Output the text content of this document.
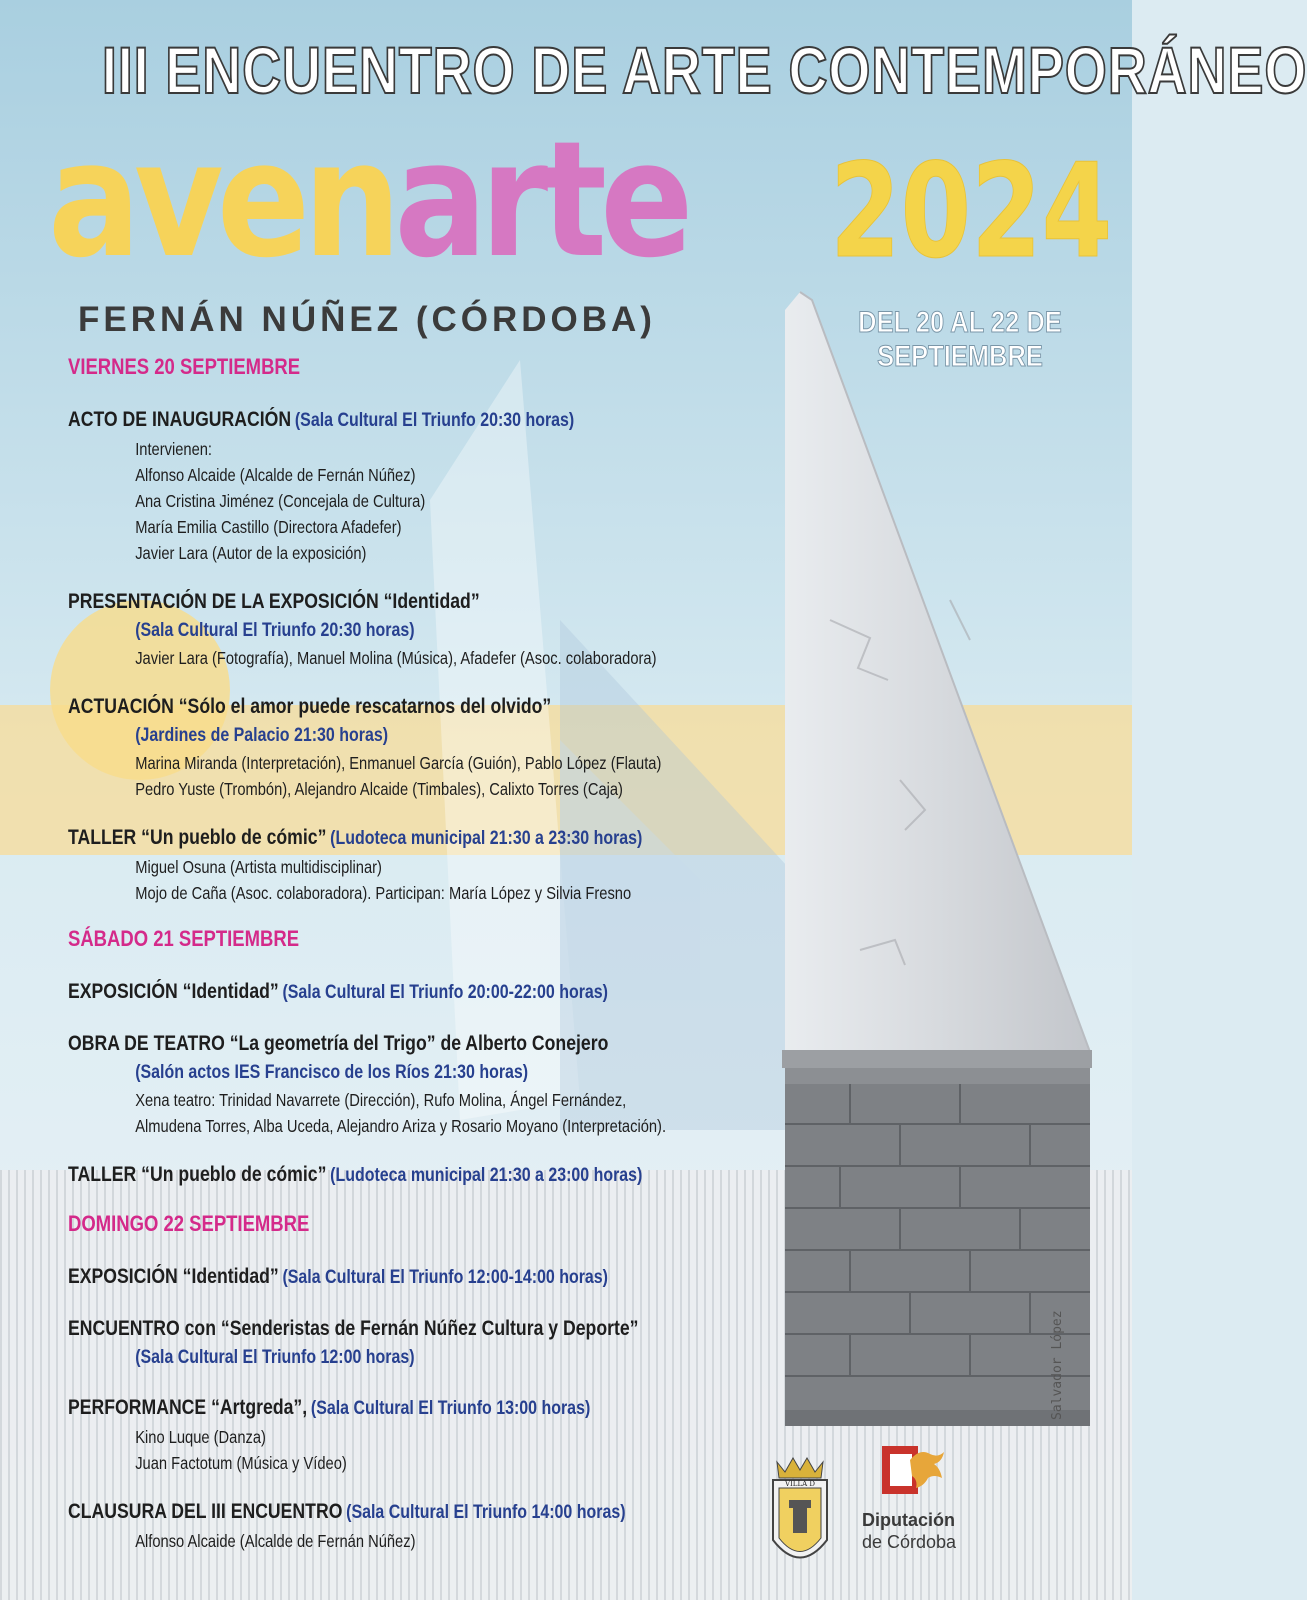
III ENCUENTRO DE ARTE CONTEMPORÁNEO
avenarte 2024
FERNÁN NÚÑEZ (CÓRDOBA)	DEL 20 AL 22 DE
SEPTIEMBRE
VIERNES 20 SEPTIEMBRE
ACTO DE INAUGURACIÓN (Sala Cultural El Triunfo 20:30 horas)
Intervienen:
Alfonso Alcaide (Alcalde de Fernán Núñez)
Ana Cristina Jiménez (Concejala de Cultura)
María Emilia Castillo (Directora Afadefer)
Javier Lara (Autor de la exposición)
PRESENTACIÓN DE LA EXPOSICIÓN “Identidad”
(Sala Cultural El Triunfo 20:30 horas)
Javier Lara (Fotografía), Manuel Molina (Música), Afadefer (Asoc. colaboradora)
ACTUACIÓN “Sólo el amor puede rescatarnos del olvido”
(Jardines de Palacio 21:30 horas)
Marina Miranda (Interpretación), Enmanuel García (Guión), Pablo López (Flauta)
Pedro Yuste (Trombón), Alejandro Alcaide (Timbales), Calixto Torres (Caja)
TALLER “Un pueblo de cómic” (Ludoteca municipal 21:30 a 23:30 horas)
Miguel Osuna (Artista multidisciplinar)
Mojo de Caña (Asoc. colaboradora). Participan: María López y Silvia Fresno
SÁBADO 21 SEPTIEMBRE
EXPOSICIÓN “Identidad” (Sala Cultural El Triunfo 20:00-22:00 horas)
OBRA DE TEATRO “La geometría del Trigo” de Alberto Conejero
(Salón actos IES Francisco de los Ríos 21:30 horas)
Xena teatro: Trinidad Navarrete (Dirección), Rufo Molina, Ángel Fernández,
Almudena Torres, Alba Uceda, Alejandro Ariza y Rosario Moyano (Interpretación).
TALLER “Un pueblo de cómic” (Ludoteca municipal 21:30 a 23:00 horas)
DOMINGO 22 SEPTIEMBRE
EXPOSICIÓN “Identidad” (Sala Cultural El Triunfo 12:00-14:00 horas)
ENCUENTRO con “Senderistas de Fernán Núñez Cultura y Deporte”
(Sala Cultural El Triunfo 12:00 horas)
PERFORMANCE “Artgreda”, (Sala Cultural El Triunfo 13:00 horas)
Kino Luque (Danza)
Juan Factotum (Música y Vídeo)
CLAUSURA DEL III ENCUENTRO (Sala Cultural El Triunfo 14:00 horas)
Alfonso Alcaide (Alcalde de Fernán Núñez)
Salvador López
VILLA D
Diputación
de Córdoba
